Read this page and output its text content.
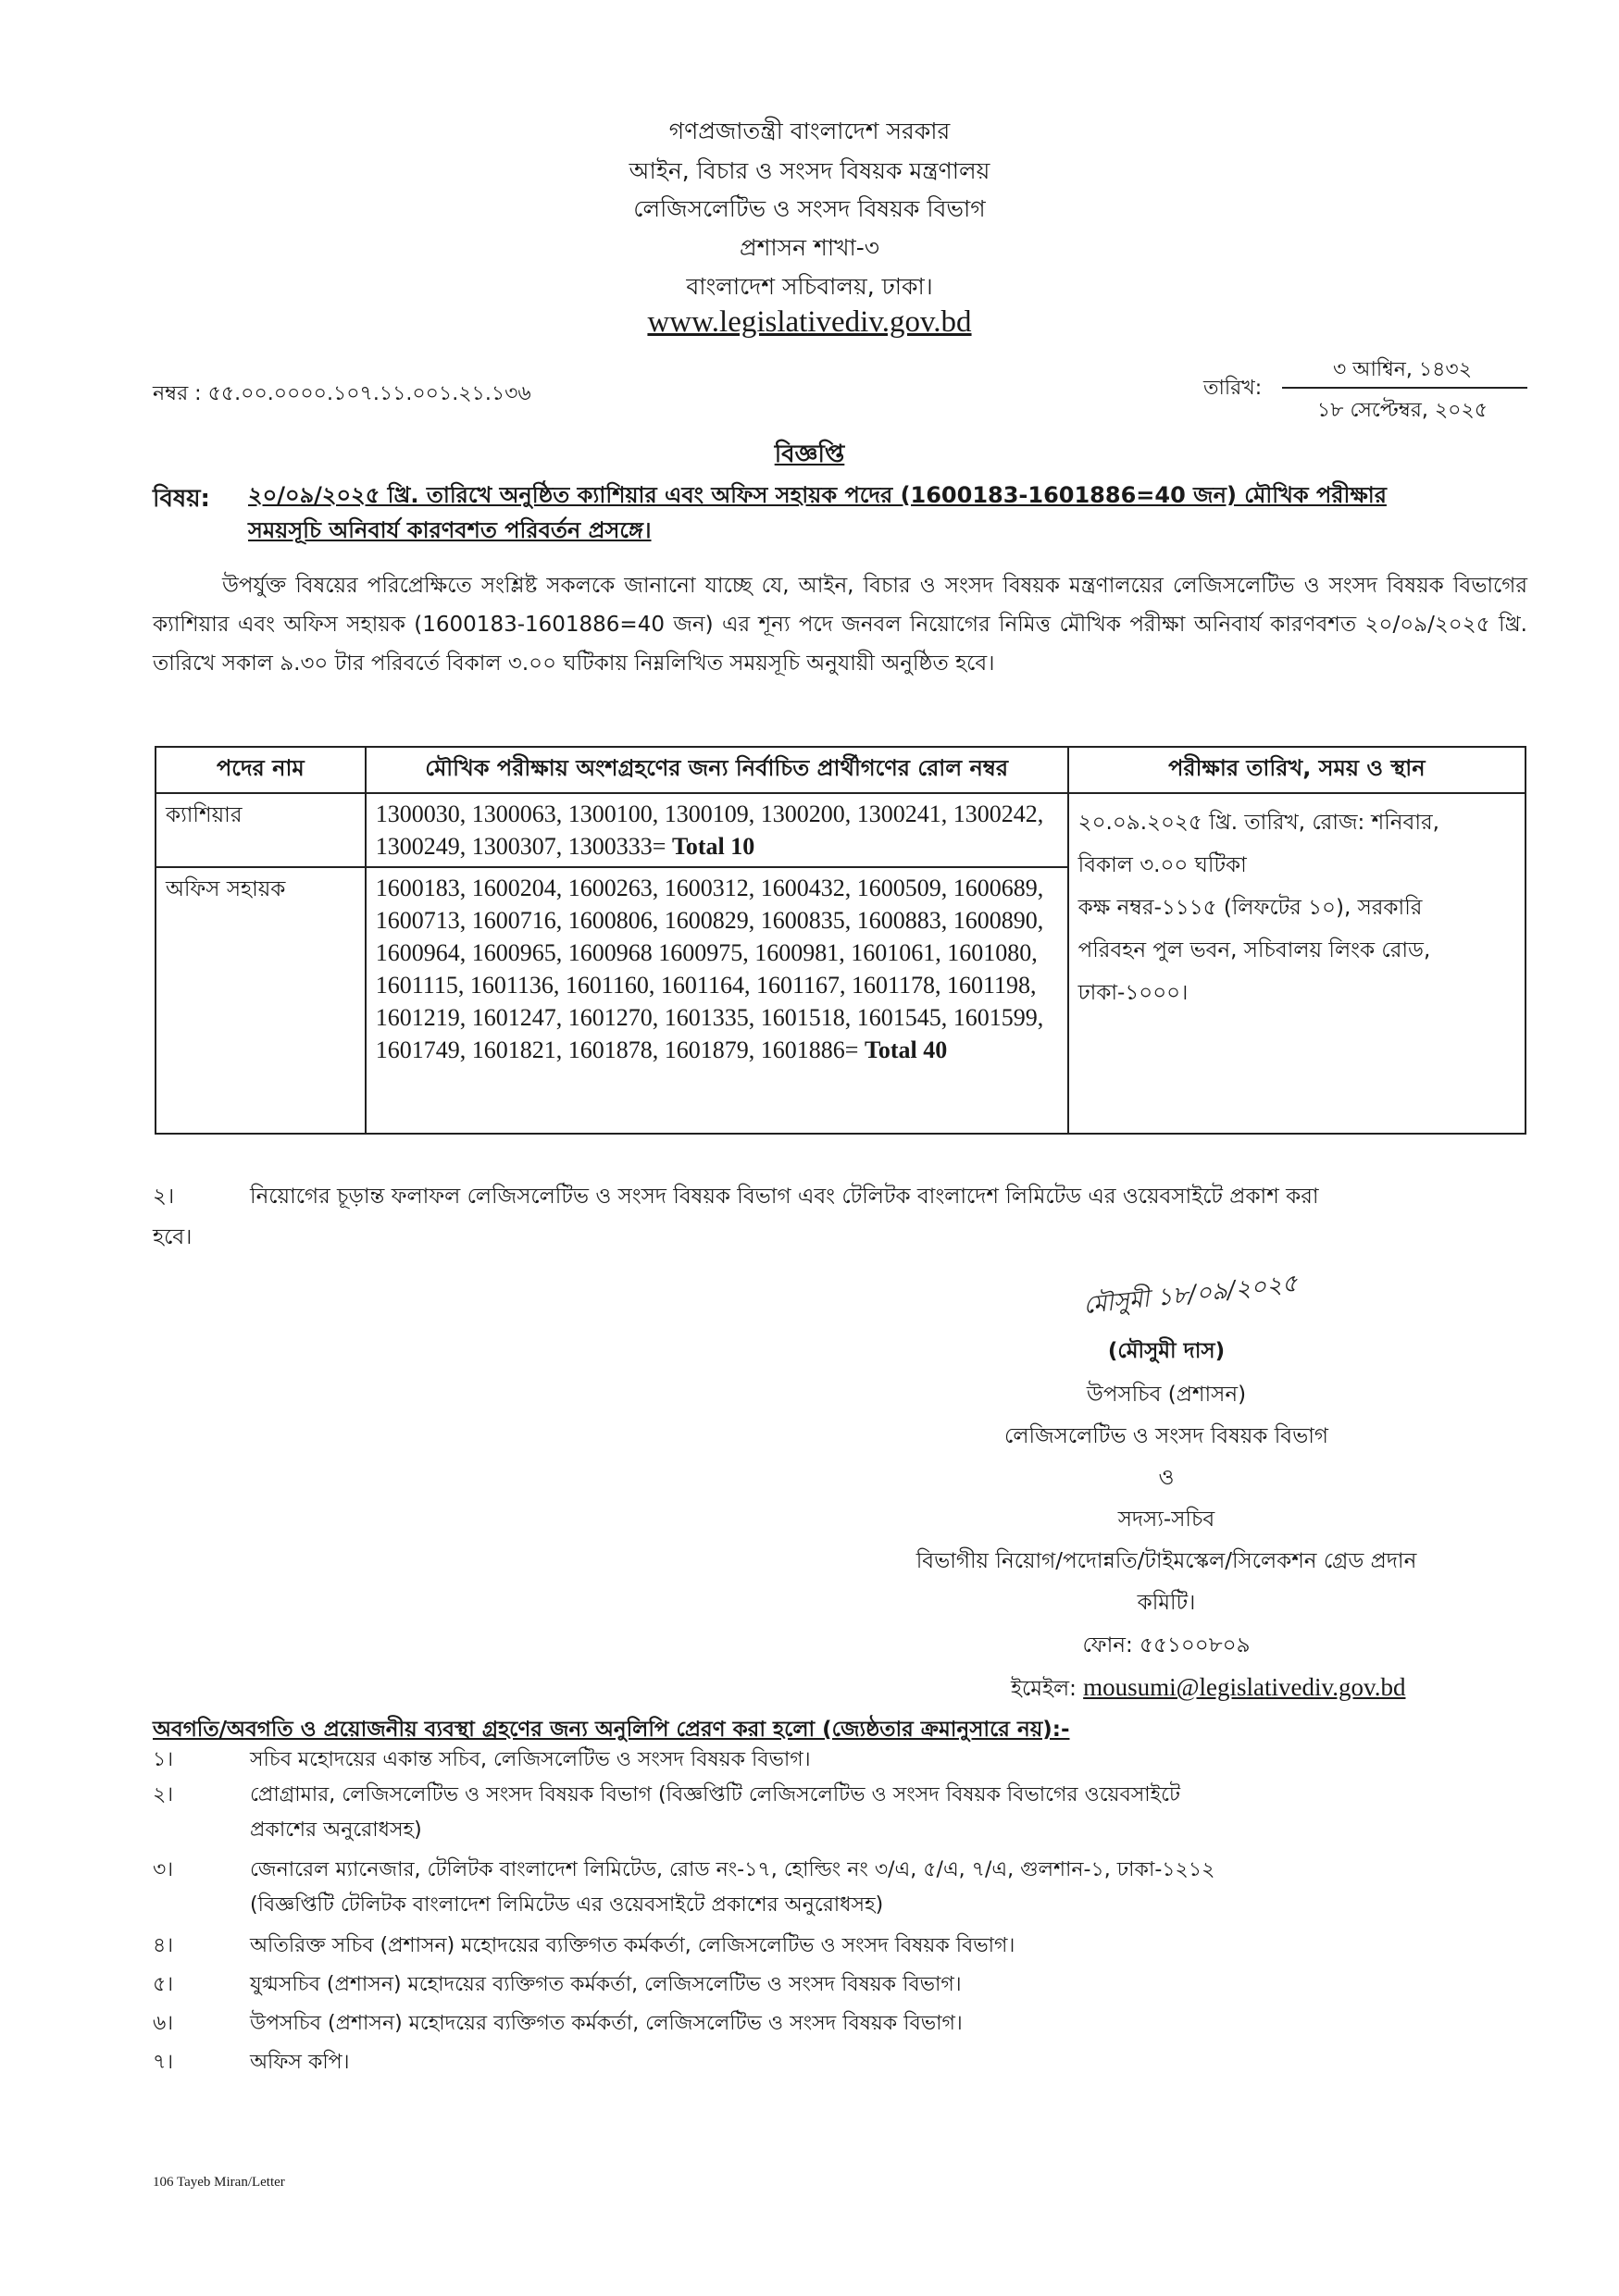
গণপ্রজাতন্ত্রী বাংলাদেশ সরকার
আইন, বিচার ও সংসদ বিষয়ক মন্ত্রণালয়
লেজিসলেটিভ ও সংসদ বিষয়ক বিভাগ
প্রশাসন শাখা-৩
বাংলাদেশ সচিবালয়, ঢাকা।
www.legislativediv.gov.bd
নম্বর : ৫৫.০০.০০০০.১০৭.১১.০০১.২১.১৩৬	তারিখ:
৩ আশ্বিন, ১৪৩২
১৮ সেপ্টেম্বর, ২০২৫
বিজ্ঞপ্তি
বিষয়: ২০/০৯/২০২৫ খ্রি. তারিখে অনুষ্ঠিত ক্যাশিয়ার এবং অফিস সহায়ক পদের (1600183-1601886=40 জন) মৌখিক পরীক্ষার
সময়সূচি অনিবার্য কারণবশত পরিবর্তন প্রসঙ্গে।
উপর্যুক্ত বিষয়ের পরিপ্রেক্ষিতে সংশ্লিষ্ট সকলকে জানানো যাচ্ছে যে, আইন, বিচার ও সংসদ বিষয়ক মন্ত্রণালয়ের লেজিসলেটিভ ও সংসদ বিষয়ক বিভাগের ক্যাশিয়ার এবং অফিস সহায়ক (1600183-1601886=40 জন) এর শূন্য পদে জনবল নিয়োগের নিমিত্ত মৌখিক পরীক্ষা অনিবার্য কারণবশত ২০/০৯/২০২৫ খ্রি. তারিখে সকাল ৯.৩০ টার পরিবর্তে বিকাল ৩.০০ ঘটিকায় নিম্নলিখিত সময়সূচি অনুযায়ী অনুষ্ঠিত হবে।
পদের নাম	মৌখিক পরীক্ষায় অংশগ্রহণের জন্য নির্বাচিত প্রার্থীগণের রোল নম্বর	পরীক্ষার তারিখ, সময় ও স্থান
ক্যাশিয়ার	1300030, 1300063, 1300100, 1300109, 1300200, 1300241, 1300242, 1300249, 1300307, 1300333= Total 10	২০.০৯.২০২৫ খ্রি. তারিখ, রোজ: শনিবার,
বিকাল ৩.০০ ঘটিকা
কক্ষ নম্বর-১১১৫ (লিফটের ১০), সরকারি
পরিবহন পুল ভবন, সচিবালয় লিংক রোড,
ঢাকা-১০০০।

অফিস সহায়ক	1600183, 1600204, 1600263, 1600312, 1600432, 1600509, 1600689, 1600713, 1600716, 1600806, 1600829, 1600835, 1600883, 1600890, 1600964, 1600965, 1600968 1600975, 1600981, 1601061, 1601080, 1601115, 1601136, 1601160, 1601164, 1601167, 1601178, 1601198, 1601219, 1601247, 1601270, 1601335, 1601518, 1601545, 1601599, 1601749, 1601821, 1601878, 1601879, 1601886= Total 40	
২।	নিয়োগের চূড়ান্ত ফলাফল লেজিসলেটিভ ও সংসদ বিষয়ক বিভাগ এবং টেলিটক বাংলাদেশ লিমিটেড এর ওয়েবসাইটে প্রকাশ করা
হবে।
মৌসুমী ১৮/০৯/২০২৫
(মৌসুমী দাস)
উপসচিব (প্রশাসন)
লেজিসলেটিভ ও সংসদ বিষয়ক বিভাগ
ও
সদস্য-সচিব
বিভাগীয় নিয়োগ/পদোন্নতি/টাইমস্কেল/সিলেকশন গ্রেড প্রদান
কমিটি।
ফোন: ৫৫১০০৮০৯
ইমেইল: mousumi@legislativediv.gov.bd
অবগতি/অবগতি ও প্রয়োজনীয় ব্যবস্থা গ্রহণের জন্য অনুলিপি প্রেরণ করা হলো (জ্যেষ্ঠতার ক্রমানুসারে নয়):-
১।	সচিব মহোদয়ের একান্ত সচিব, লেজিসলেটিভ ও সংসদ বিষয়ক বিভাগ।
২।	প্রোগ্রামার, লেজিসলেটিভ ও সংসদ বিষয়ক বিভাগ (বিজ্ঞপ্তিটি লেজিসলেটিভ ও সংসদ বিষয়ক বিভাগের ওয়েবসাইটে
প্রকাশের অনুরোধসহ)
৩।	জেনারেল ম্যানেজার, টেলিটক বাংলাদেশ লিমিটেড, রোড নং-১৭, হোল্ডিং নং ৩/এ, ৫/এ, ৭/এ, গুলশান-১, ঢাকা-১২১২
(বিজ্ঞপ্তিটি টেলিটক বাংলাদেশ লিমিটেড এর ওয়েবসাইটে প্রকাশের অনুরোধসহ)
৪।	অতিরিক্ত সচিব (প্রশাসন) মহোদয়ের ব্যক্তিগত কর্মকর্তা, লেজিসলেটিভ ও সংসদ বিষয়ক বিভাগ।
৫।	যুগ্মসচিব (প্রশাসন) মহোদয়ের ব্যক্তিগত কর্মকর্তা, লেজিসলেটিভ ও সংসদ বিষয়ক বিভাগ।
৬।	উপসচিব (প্রশাসন) মহোদয়ের ব্যক্তিগত কর্মকর্তা, লেজিসলেটিভ ও সংসদ বিষয়ক বিভাগ।
৭।	অফিস কপি।
106 Tayeb Miran/Letter
